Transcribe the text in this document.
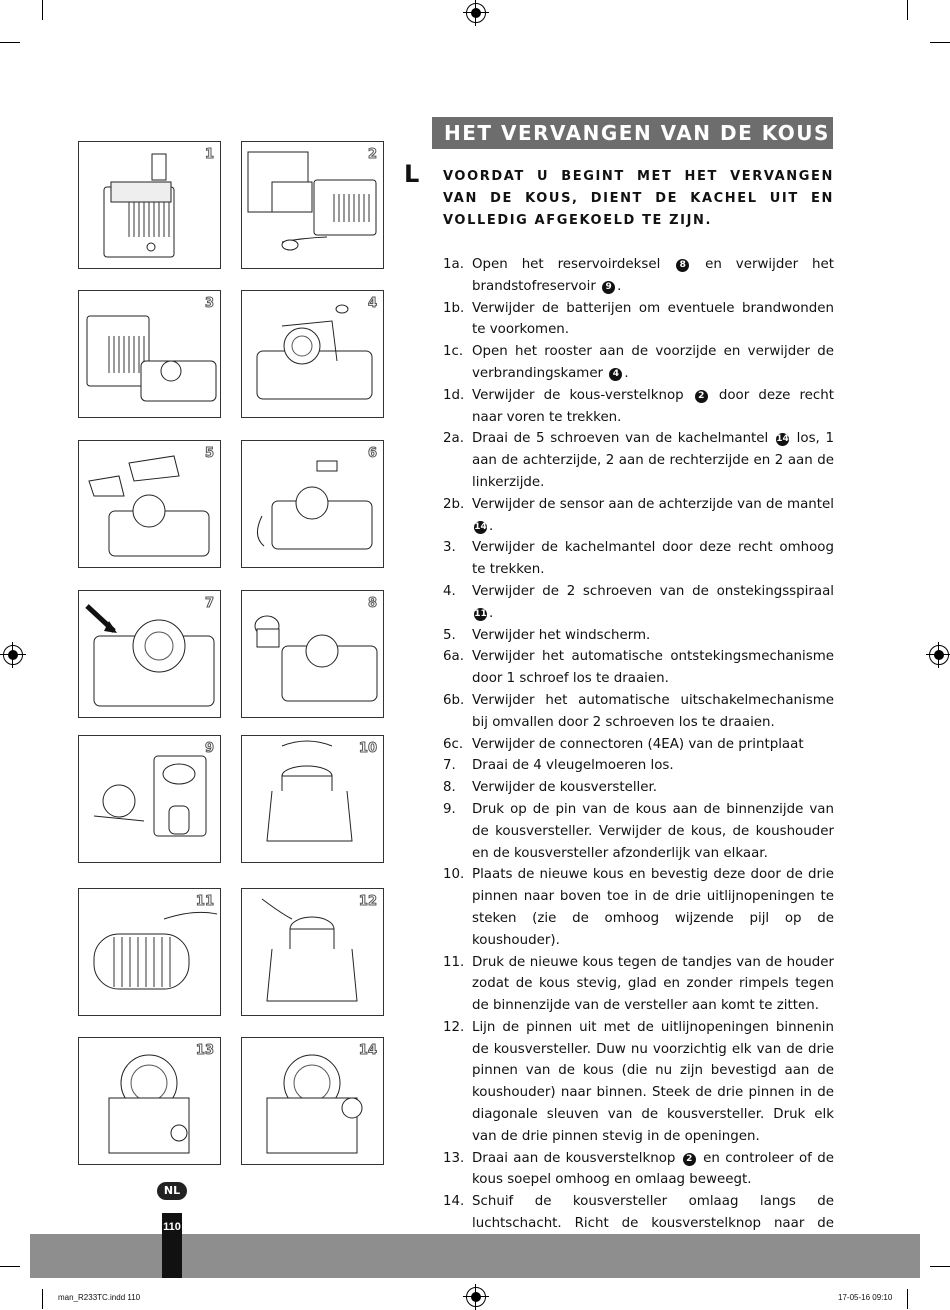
1	2
3	4
5	6
7	8
9	10
11	12
13	14
HET VERVANGEN VAN DE KOUS
L VOORDAT U BEGINT MET HET VERVANGEN VAN DE KOUS, DIENT DE KACHEL UIT EN VOLLEDIG AFGEKOELD TE ZIJN.
1a. Open het reservoirdeksel 8 en verwijder het brandstofreservoir 9 .
1b. Verwijder de batterijen om eventuele brandwonden te voorkomen.
1c. Open het rooster aan de voorzijde en verwijder de verbrandingskamer 4 .
1d. Verwijder de kous-verstelknop 2 door deze recht naar voren te trekken.
2a. Draai de 5 schroeven van de kachelmantel 14 los, 1 aan de achterzijde, 2 aan de rechterzijde en 2 aan de linkerzijde.
2b. Verwijder de sensor aan de achterzijde van de mantel 14 .
3.	Verwijder de kachelmantel door deze recht omhoog te trekken.
4.	Verwijder de 2 schroeven van de onstekingsspiraal 11 .
5.	Verwijder het windscherm.
6a. Verwijder het automatische ontstekingsmechanisme door 1 schroef los te draaien.
6b. Verwijder het automatische uitschakelmechanisme bij omvallen door 2 schroeven los te draaien.
6c. Verwijder de connectoren (4EA) van de printplaat
7.	Draai de 4 vleugelmoeren los.
8.	Verwijder de kousversteller.
9.	Druk op de pin van de kous aan de binnenzijde van de kousversteller. Verwijder de kous, de koushouder en de kousversteller afzonderlijk van elkaar.
10. Plaats de nieuwe kous en bevestig deze door de drie pinnen naar boven toe in de drie uitlijnopeningen te steken (zie de omhoog wijzende pijl op de koushouder).
11. Druk de nieuwe kous tegen de tandjes van de houder zodat de kous stevig, glad en zonder rimpels tegen de binnenzijde van de versteller aan komt te zitten.
12. Lijn de pinnen uit met de uitlijnopeningen binnenin de kousversteller. Duw nu voorzichtig elk van de drie pinnen van de kous (die nu zijn bevestigd aan de koushouder) naar binnen. Steek de drie pinnen in de diagonale sleuven van de kousversteller. Druk elk van de drie pinnen stevig in de openingen.
13. Draai aan de kousverstelknop 2 en controleer of de kous soepel omhoog en omlaag beweegt.
14. Schuif de kousversteller omlaag langs de luchtschacht. Richt de kousverstelknop naar de
NL
110
man_R233TC.indd 110	17-05-16 09:10
